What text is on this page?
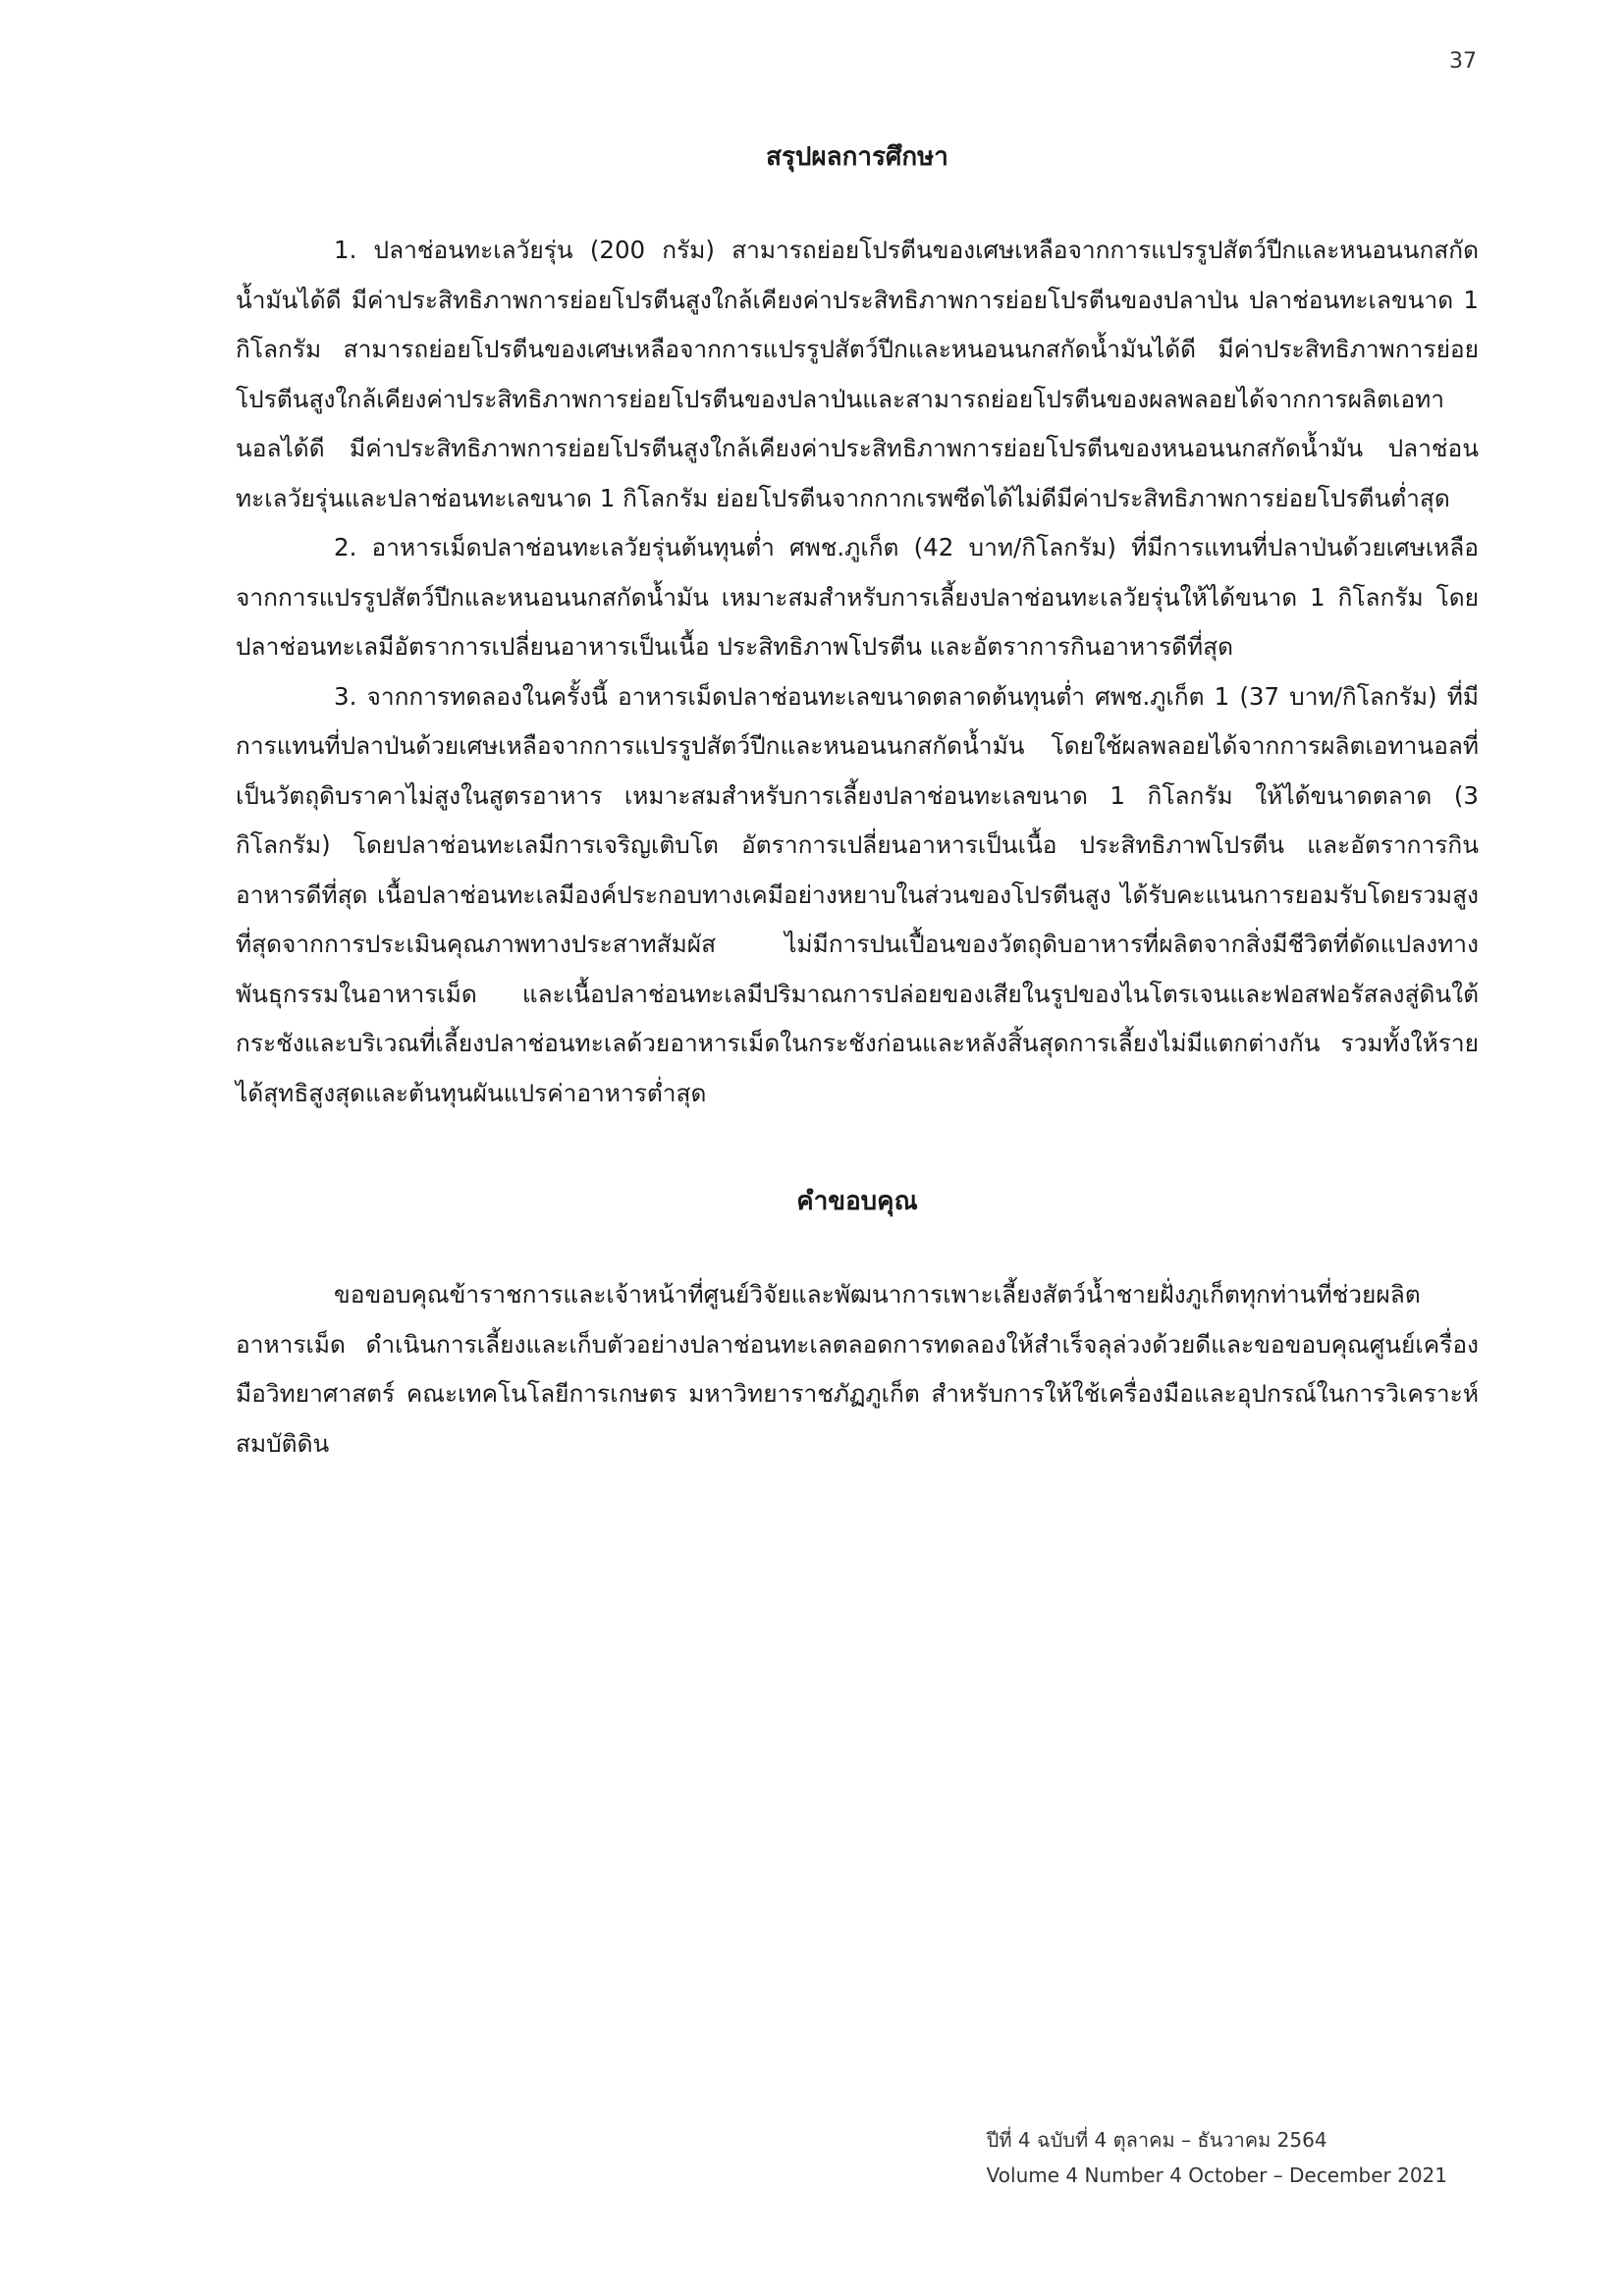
37
สรุปผลการศึกษา

1. ปลาช่อนทะเลวัยรุ่น (200 กรัม) สามารถย่อยโปรตีนของเศษเหลือจากการแปรรูปสัตว์ปีกและหนอนนกสกัดน้ำมันได้ดี มีค่าประสิทธิภาพการย่อยโปรตีนสูงใกล้เคียงค่าประสิทธิภาพการย่อยโปรตีนของปลาป่น ปลาช่อนทะเลขนาด 1 กิโลกรัม สามารถย่อยโปรตีนของเศษเหลือจากการแปรรูปสัตว์ปีกและหนอนนกสกัดน้ำมันได้ดี มีค่าประสิทธิภาพการย่อยโปรตีนสูงใกล้เคียงค่าประสิทธิภาพการย่อยโปรตีนของปลาป่นและสามารถย่อยโปรตีนของผลพลอยได้จากการผลิตเอทานอลได้ดี มีค่าประสิทธิภาพการย่อยโปรตีนสูงใกล้เคียงค่าประสิทธิภาพการย่อยโปรตีนของหนอนนกสกัดน้ำมัน ปลาช่อนทะเลวัยรุ่นและปลาช่อนทะเลขนาด 1 กิโลกรัม ย่อยโปรตีนจากกากเรพซีดได้ไม่ดีมีค่าประสิทธิภาพการย่อยโปรตีนต่ำสุด

2. อาหารเม็ดปลาช่อนทะเลวัยรุ่นต้นทุนต่ำ ศพช.ภูเก็ต (42 บาท/กิโลกรัม) ที่มีการแทนที่ปลาป่นด้วยเศษเหลือจากการแปรรูปสัตว์ปีกและหนอนนกสกัดน้ำมัน เหมาะสมสำหรับการเลี้ยงปลาช่อนทะเลวัยรุ่นให้ได้ขนาด 1 กิโลกรัม โดยปลาช่อนทะเลมีอัตราการเปลี่ยนอาหารเป็นเนื้อ ประสิทธิภาพโปรตีน และอัตราการกินอาหารดีที่สุด

3. จากการทดลองในครั้งนี้ อาหารเม็ดปลาช่อนทะเลขนาดตลาดต้นทุนต่ำ ศพช.ภูเก็ต 1 (37 บาท/กิโลกรัม) ที่มีการแทนที่ปลาป่นด้วยเศษเหลือจากการแปรรูปสัตว์ปีกและหนอนนกสกัดน้ำมัน โดยใช้ผลพลอยได้จากการผลิตเอทานอลที่เป็นวัตถุดิบราคาไม่สูงในสูตรอาหาร เหมาะสมสำหรับการเลี้ยงปลาช่อนทะเลขนาด 1 กิโลกรัม ให้ได้ขนาดตลาด (3 กิโลกรัม) โดยปลาช่อนทะเลมีการเจริญเติบโต อัตราการเปลี่ยนอาหารเป็นเนื้อ ประสิทธิภาพโปรตีน และอัตราการกินอาหารดีที่สุด เนื้อปลาช่อนทะเลมีองค์ประกอบทางเคมีอย่างหยาบในส่วนของโปรตีนสูง ได้รับคะแนนการยอมรับโดยรวมสูงที่สุดจากการประเมินคุณภาพทางประสาทสัมผัส ไม่มีการปนเปื้อนของวัตถุดิบอาหารที่ผลิตจากสิ่งมีชีวิตที่ดัดแปลงทางพันธุกรรมในอาหารเม็ด และเนื้อปลาช่อนทะเลมีปริมาณการปล่อยของเสียในรูปของไนโตรเจนและฟอสฟอรัสลงสู่ดินใต้กระชังและบริเวณที่เลี้ยงปลาช่อนทะเลด้วยอาหารเม็ดในกระชังก่อนและหลังสิ้นสุดการเลี้ยงไม่มีแตกต่างกัน รวมทั้งให้รายได้สุทธิสูงสุดและต้นทุนผันแปรค่าอาหารต่ำสุด

คำขอบคุณ

ขอขอบคุณข้าราชการและเจ้าหน้าที่ศูนย์วิจัยและพัฒนาการเพาะเลี้ยงสัตว์น้ำชายฝั่งภูเก็ตทุกท่านที่ช่วยผลิตอาหารเม็ด ดำเนินการเลี้ยงและเก็บตัวอย่างปลาช่อนทะเลตลอดการทดลองให้สำเร็จลุล่วงด้วยดีและขอขอบคุณศูนย์เครื่องมือวิทยาศาสตร์ คณะเทคโนโลยีการเกษตร มหาวิทยาราชภัฏภูเก็ต สำหรับการให้ใช้เครื่องมือและอุปกรณ์ในการวิเคราะห์สมบัติดิน

ปีที่ 4 ฉบับที่ 4 ตุลาคม – ธันวาคม 2564
Volume 4 Number 4 October – December 2021
